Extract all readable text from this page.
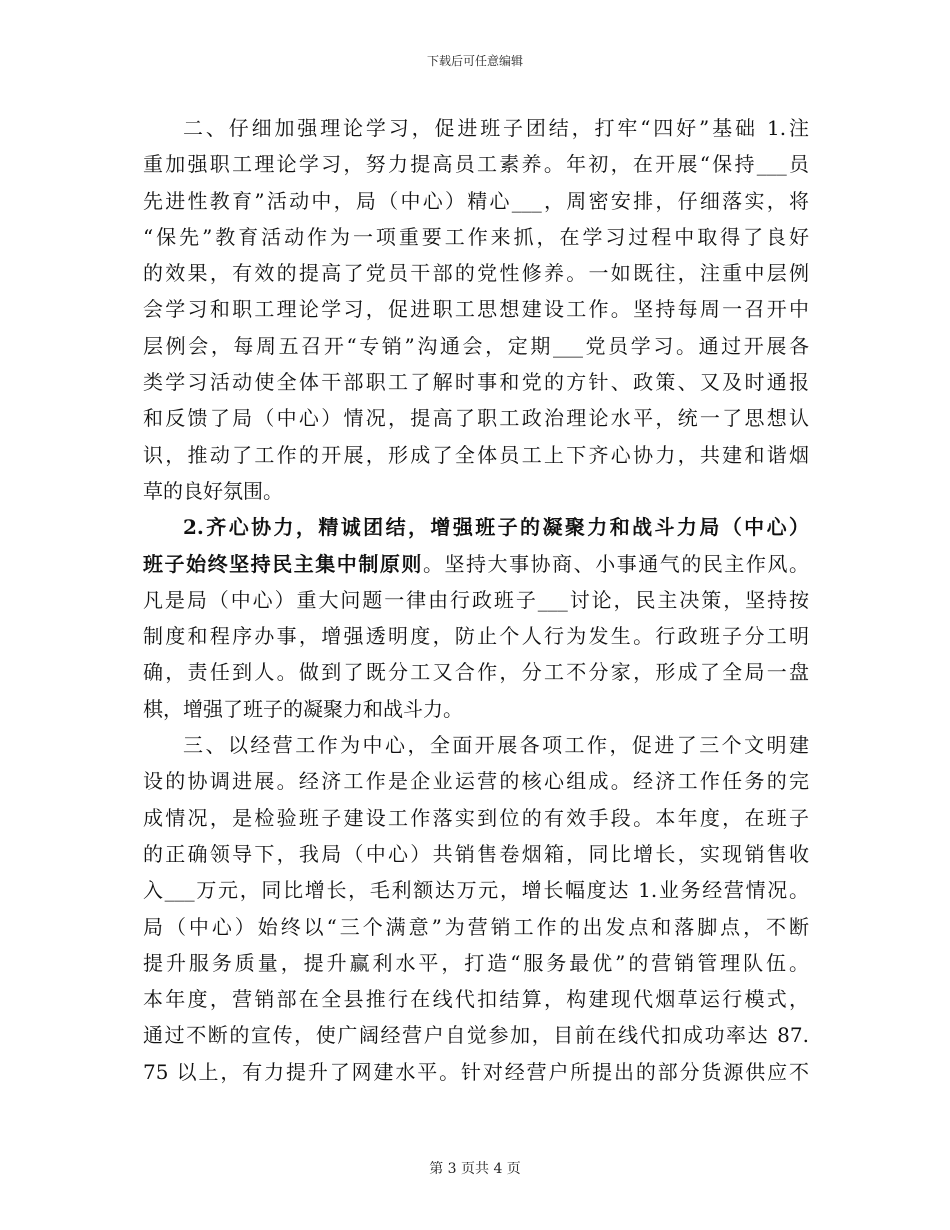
下载后可任意编辑
二、仔细加强理论学习，促进班子团结，打牢“四好”基础 1.注
重加强职工理论学习，努力提高员工素养。年初，在开展“保持___员
先进性教育”活动中，局（中心）精心___，周密安排，仔细落实，将
“保先”教育活动作为一项重要工作来抓，在学习过程中取得了良好
的效果，有效的提高了党员干部的党性修养。一如既往，注重中层例
会学习和职工理论学习，促进职工思想建设工作。坚持每周一召开中
层例会，每周五召开“专销”沟通会，定期___党员学习。通过开展各
类学习活动使全体干部职工了解时事和党的方针、政策、又及时通报
和反馈了局（中心）情况，提高了职工政治理论水平，统一了思想认
识，推动了工作的开展，形成了全体员工上下齐心协力，共建和谐烟
草的良好氛围。
2.齐心协力，精诚团结，增强班子的凝聚力和战斗力局（中心）
班子始终坚持民主集中制原则。坚持大事协商、小事通气的民主作风。
凡是局（中心）重大问题一律由行政班子___讨论，民主决策，坚持按
制度和程序办事，增强透明度，防止个人行为发生。行政班子分工明
确，责任到人。做到了既分工又合作，分工不分家，形成了全局一盘
棋，增强了班子的凝聚力和战斗力。
三、以经营工作为中心，全面开展各项工作，促进了三个文明建
设的协调进展。经济工作是企业运营的核心组成。经济工作任务的完
成情况，是检验班子建设工作落实到位的有效手段。本年度，在班子
的正确领导下，我局（中心）共销售卷烟箱，同比增长，实现销售收
入___万元，同比增长，毛利额达万元，增长幅度达 1.业务经营情况。
局（中心）始终以“三个满意”为营销工作的出发点和落脚点，不断
提升服务质量，提升赢利水平，打造“服务最优”的营销管理队伍。
本年度，营销部在全县推行在线代扣结算，构建现代烟草运行模式，
通过不断的宣传，使广阔经营户自觉参加，目前在线代扣成功率达 87.
75 以上，有力提升了网建水平。针对经营户所提出的部分货源供应不
第 3 页共 4 页
